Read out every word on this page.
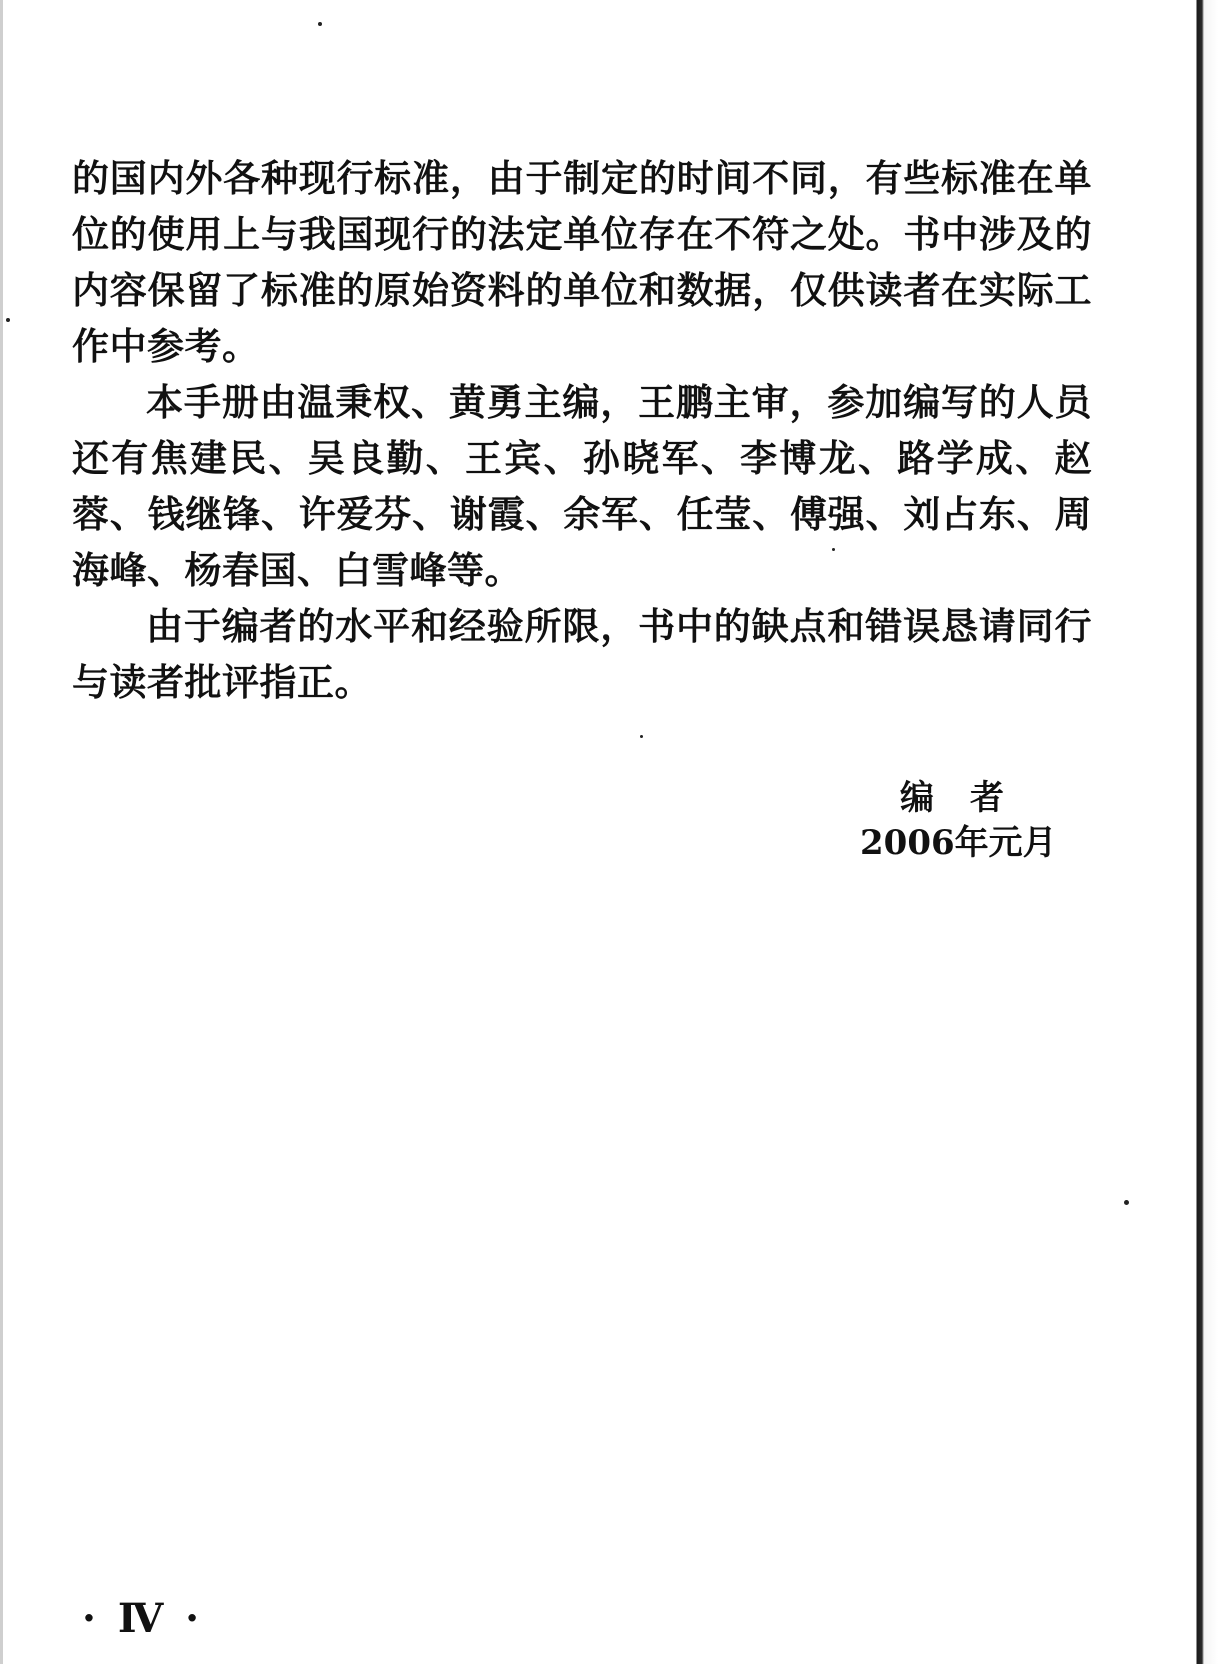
的国内外各种现行标准，由于制定的时间不同，有些标准在单位的使用上与我国现行的法定单位存在不符之处。书中涉及的内容保留了标准的原始资料的单位和数据，仅供读者在实际工作中参考。

本手册由温秉权、黄勇主编，王鹏主审，参加编写的人员还有焦建民、吴良勤、王宾、孙晓军、李博龙、路学成、赵蓉、钱继锋、许爱芬、谢霞、余军、任莹、傅强、刘占东、周海峰、杨春国、白雪峰等。

由于编者的水平和经验所限，书中的缺点和错误恳请同行与读者批评指正。

编者
2006年元月
· Ⅳ ·
